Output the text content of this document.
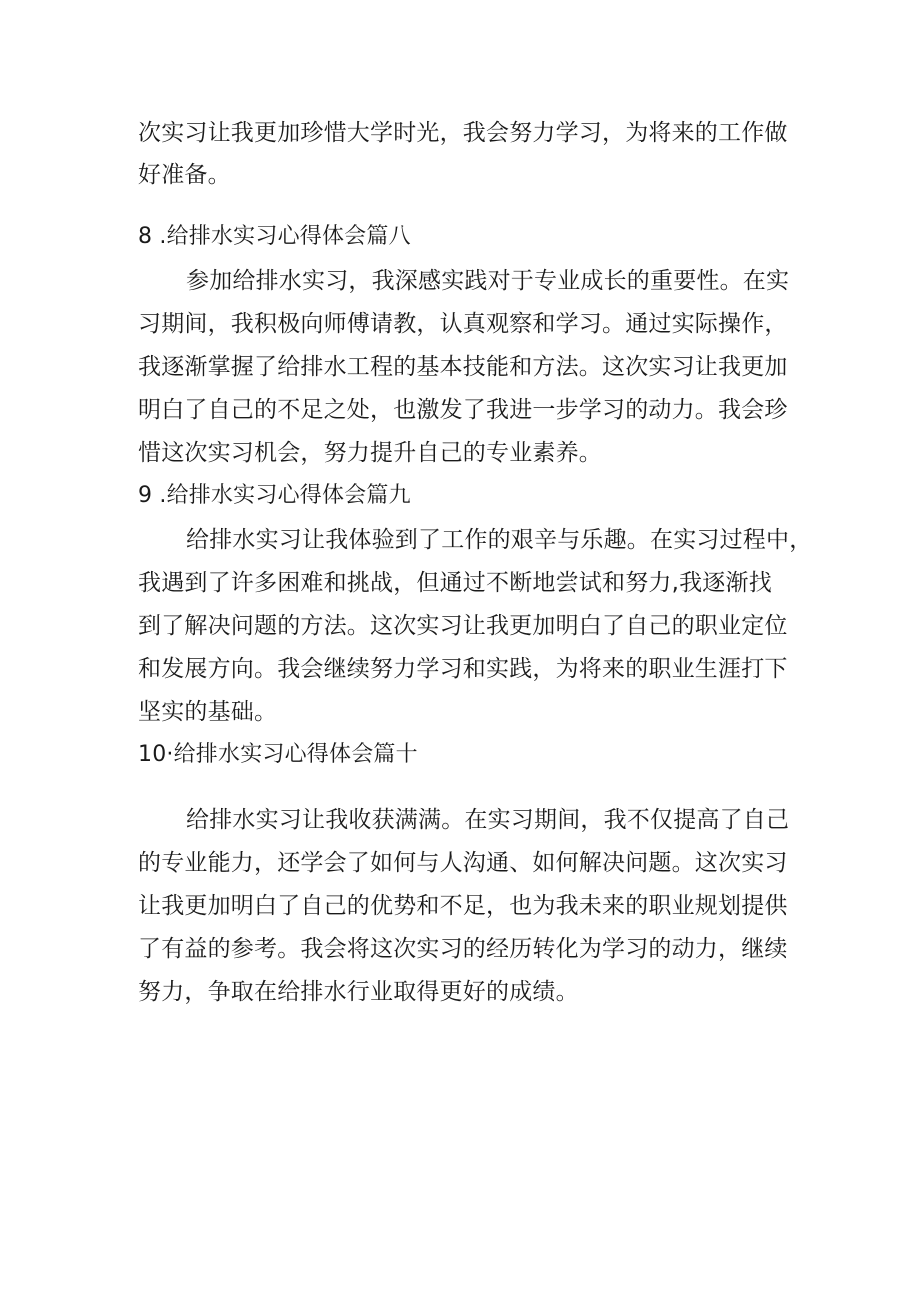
次实习让我更加珍惜大学时光，我会努力学习，为将来的工作做
好准备。
8 .给排水实习心得体会篇八
参加给排水实习，我深感实践对于专业成长的重要性。在实
习期间，我积极向师傅请教，认真观察和学习。通过实际操作，
我逐渐掌握了给排水工程的基本技能和方法。这次实习让我更加
明白了自己的不足之处，也激发了我进一步学习的动力。我会珍
惜这次实习机会，努力提升自己的专业素养。
9 .给排水实习心得体会篇九
给排水实习让我体验到了工作的艰辛与乐趣。在实习过程中，
我遇到了许多困难和挑战，但通过不断地尝试和努力,我逐渐找
到了解决问题的方法。这次实习让我更加明白了自己的职业定位
和发展方向。我会继续努力学习和实践，为将来的职业生涯打下
坚实的基础。
10·给排水实习心得体会篇十
给排水实习让我收获满满。在实习期间，我不仅提高了自己
的专业能力，还学会了如何与人沟通、如何解决问题。这次实习
让我更加明白了自己的优势和不足，也为我未来的职业规划提供
了有益的参考。我会将这次实习的经历转化为学习的动力，继续
努力，争取在给排水行业取得更好的成绩。
